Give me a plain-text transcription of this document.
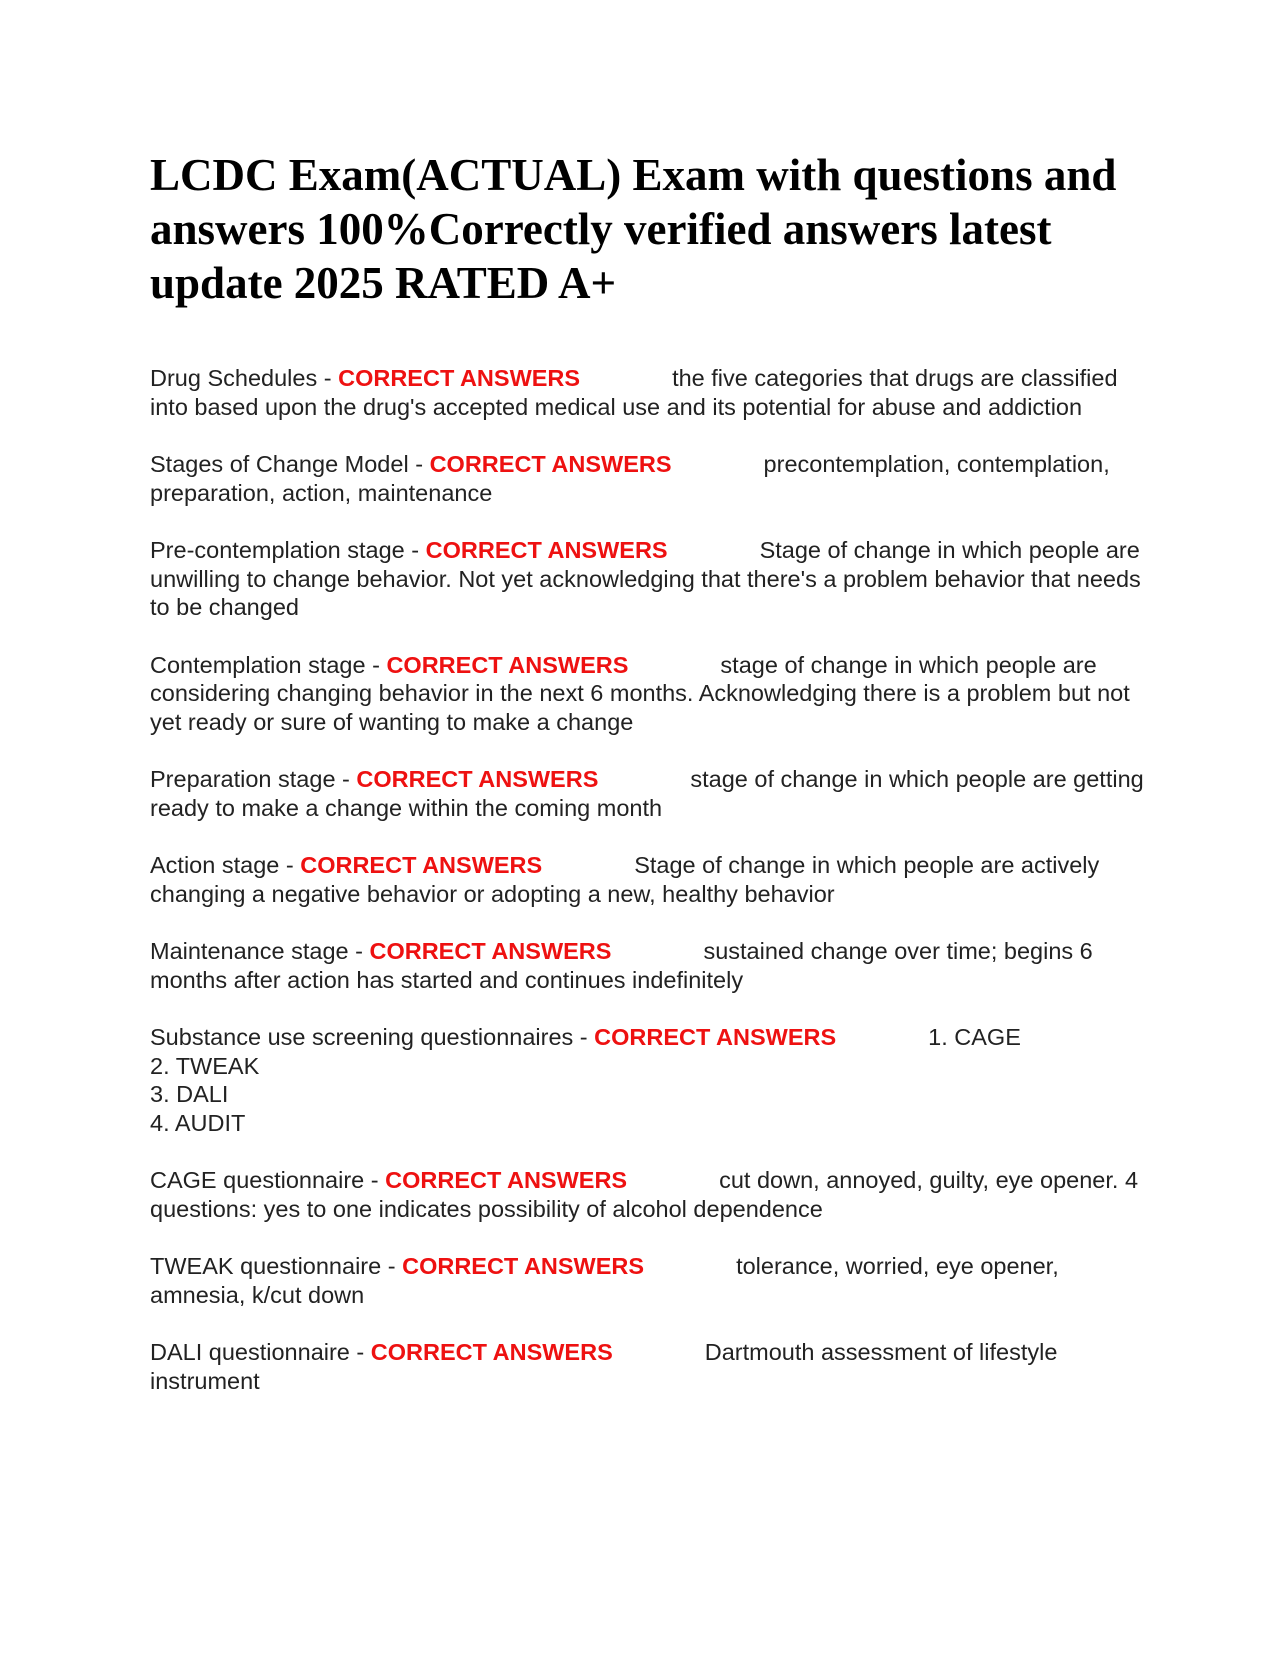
LCDC Exam(ACTUAL) Exam with questions and answers 100%Correctly verified answers latest update 2025 RATED A+

Drug Schedules - CORRECT ANSWERS	the five categories that drugs are classified into based upon the drug's accepted medical use and its potential for abuse and addiction

Stages of Change Model - CORRECT ANSWERS	precontemplation, contemplation, preparation, action, maintenance

Pre-contemplation stage - CORRECT ANSWERS	Stage of change in which people are unwilling to change behavior. Not yet acknowledging that there's a problem behavior that needs to be changed

Contemplation stage - CORRECT ANSWERS	stage of change in which people are considering changing behavior in the next 6 months. Acknowledging there is a problem but not yet ready or sure of wanting to make a change

Preparation stage - CORRECT ANSWERS	stage of change in which people are getting ready to make a change within the coming month

Action stage - CORRECT ANSWERS	Stage of change in which people are actively changing a negative behavior or adopting a new, healthy behavior

Maintenance stage - CORRECT ANSWERS	sustained change over time; begins 6 months after action has started and continues indefinitely

Substance use screening questionnaires - CORRECT ANSWERS	1. CAGE
2. TWEAK
3. DALI
4. AUDIT

CAGE questionnaire - CORRECT ANSWERS	cut down, annoyed, guilty, eye opener. 4 questions: yes to one indicates possibility of alcohol dependence

TWEAK questionnaire - CORRECT ANSWERS	tolerance, worried, eye opener, amnesia, k/cut down

DALI questionnaire - CORRECT ANSWERS	Dartmouth assessment of lifestyle instrument
